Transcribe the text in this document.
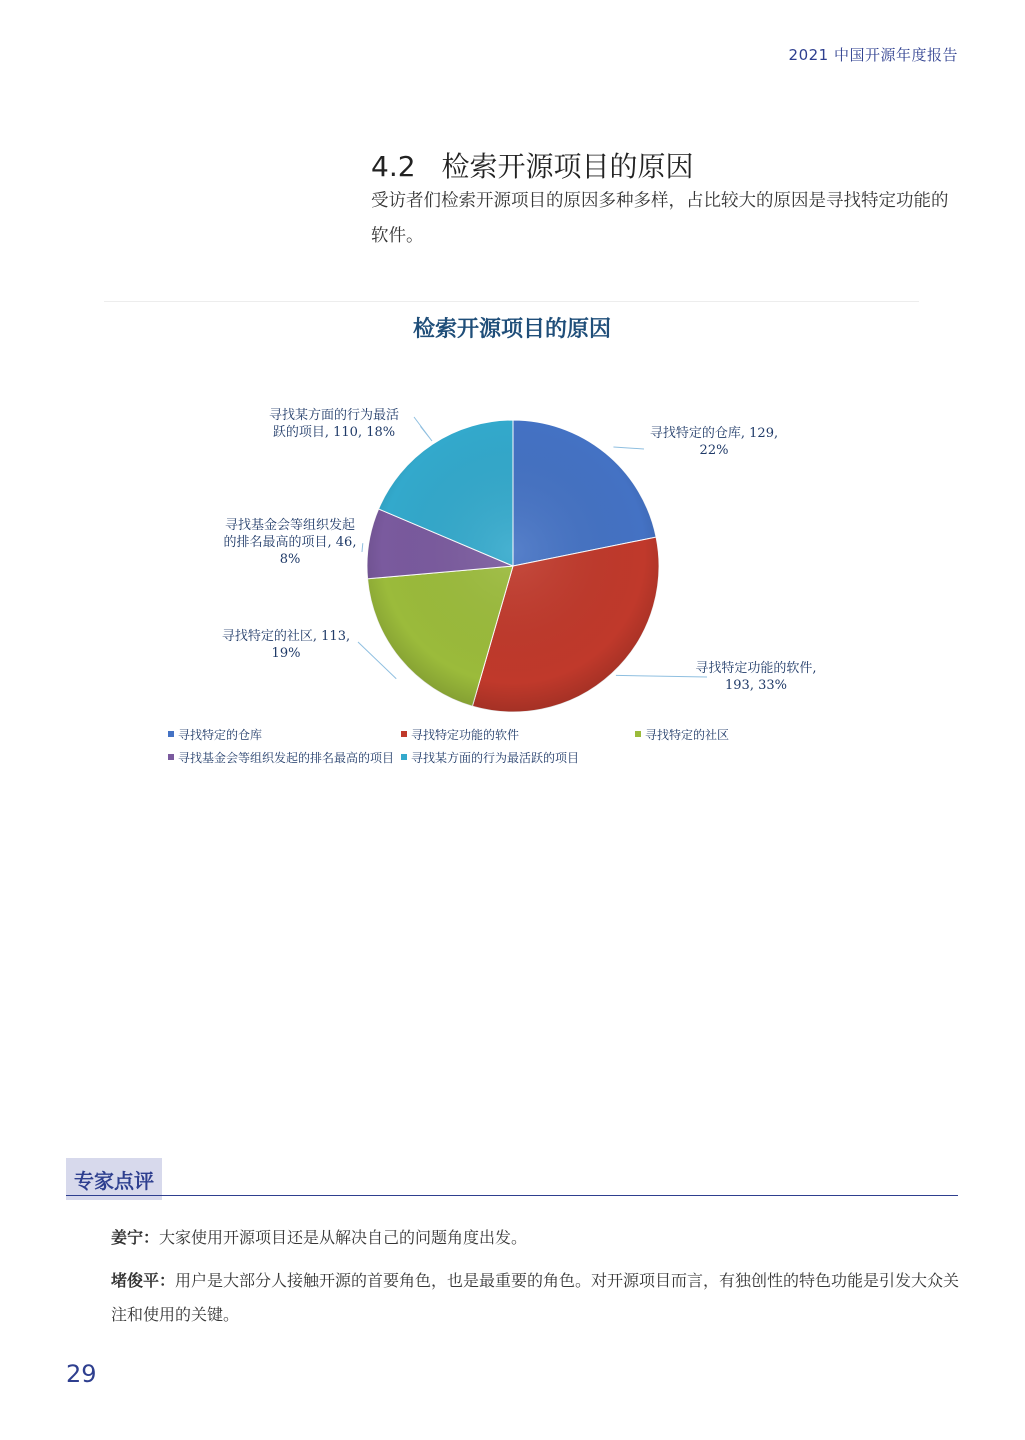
2021 中国开源年度报告
4.2 检索开源项目的原因

受访者们检索开源项目的原因多种多样，占比较大的原因是寻找特定功能的软件。

检索开源项目的原因
寻找特定的仓库, 129, 22%
寻找特定功能的软件, 193, 33%
寻找特定的社区, 113, 19%
寻找基金会等组织发起的排名最高的项目, 46, 8%
寻找某方面的行为最活跃的项目, 110, 18%
寻找特定的仓库	寻找特定功能的软件	寻找特定的社区
寻找基金会等组织发起的排名最高的项目 寻找某方面的行为最活跃的项目
专家点评

姜宁：大家使用开源项目还是从解决自己的问题角度出发。

堵俊平：用户是大部分人接触开源的首要角色，也是最重要的角色。对开源项目而言，有独创性的特色功能是引发大众关注和使用的关键。

29
